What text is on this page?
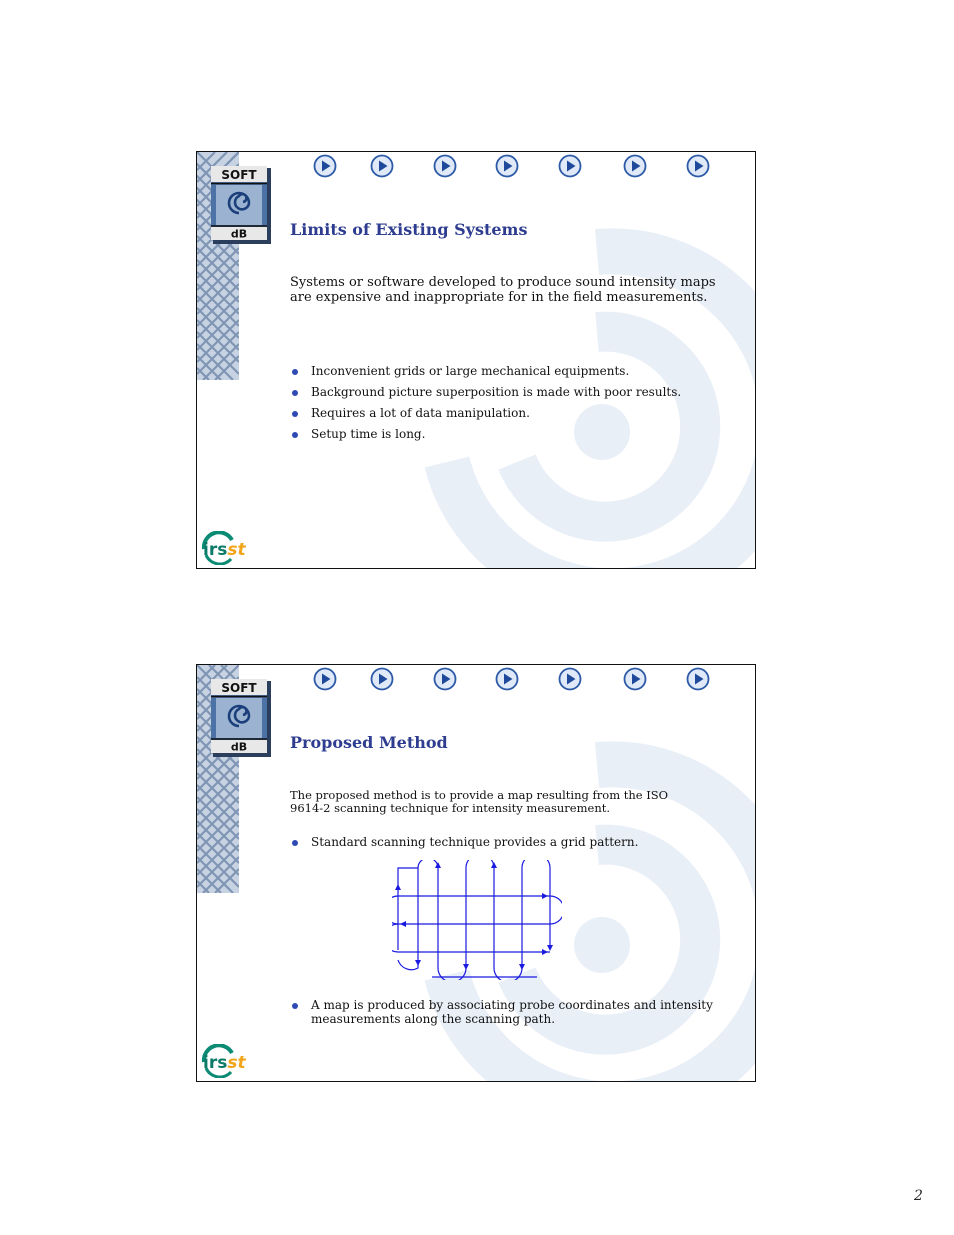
SOFT
dB	Limits of Existing Systems

Systems or software developed to produce sound intensity maps are expensive and inappropriate for in the field measurements.

Inconvenient grids or large mechanical equipments.
Background picture superposition is made with poor results.
Requires a lot of data manipulation.
Setup time is long.
irsst
SOFT
dB	Proposed Method

The proposed method is to provide a map resulting from the ISO 9614-2 scanning technique for intensity measurement.

Standard scanning technique provides a grid pattern.
A map is produced by associating probe coordinates and intensity measurements along the scanning path.
irsst
2
